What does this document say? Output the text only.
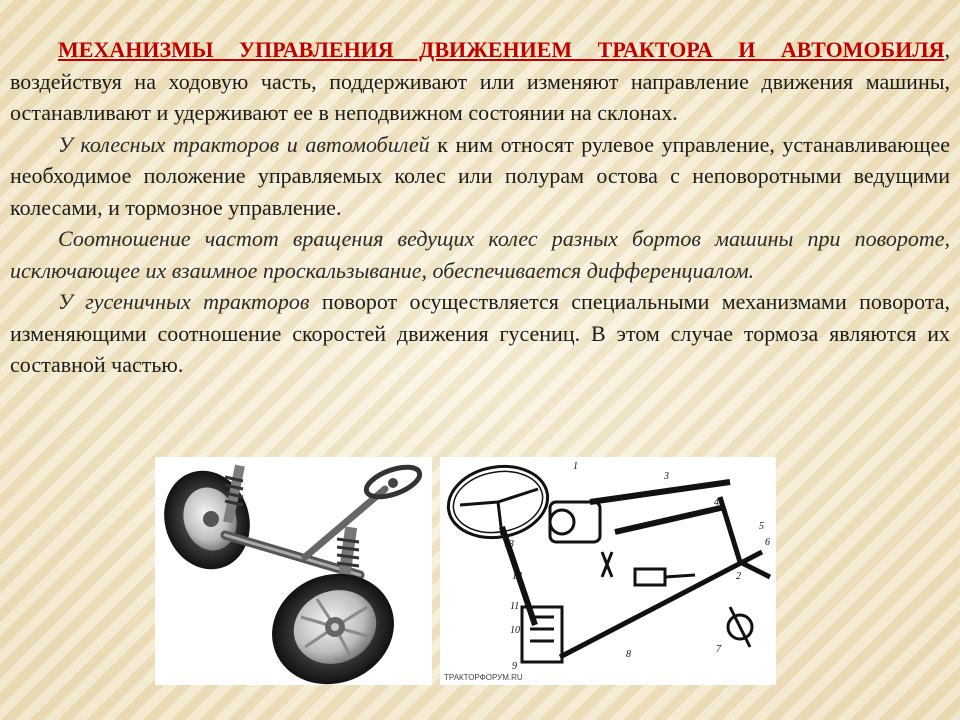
МЕХАНИЗМЫ УПРАВЛЕНИЯ ДВИЖЕНИЕМ ТРАКТОРА И АВТОМОБИЛЯ, воздействуя на ходовую часть, поддерживают или изменяют направление движения машины, останавливают и удерживают ее в неподвижном состоянии на склонах.

У колесных тракторов и автомобилей к ним относят рулевое управление, устанавливающее необходимое положение управляемых колес или полурам остова с неповоротными ведущими колесами, и тормозное управление.

Соотношение частот вращения ведущих колес разных бортов машины при повороте, исключающее их взаимное проскальзывание, обеспечивается дифференциалом.

У гусеничных тракторов поворот осуществляется специальными механизмами поворота, изменяющими соотношение скоростей движения гусениц. В этом случае тормоза являются их составной частью.

1
2
3
4
5
6
7
8
9
10
11
12
13
ТРАКТОРФОРУМ.RU
